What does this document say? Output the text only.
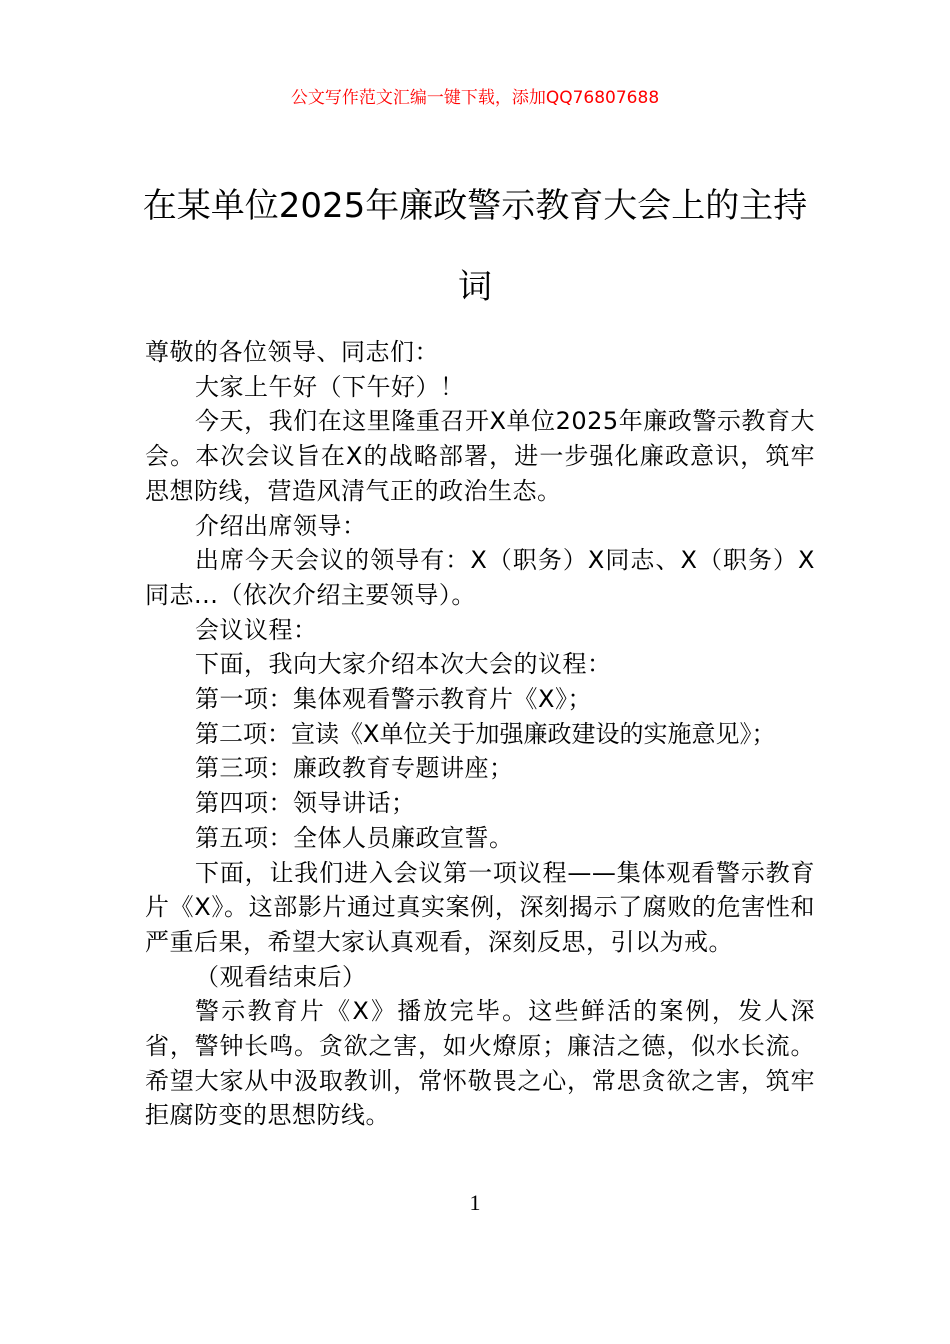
公文写作范文汇编一键下载，添加QQ76807688
在某单位2025年廉政警示教育大会上的主持词

尊敬的各位领导、同志们：

大家上午好（下午好）！

今天，我们在这里隆重召开X单位2025年廉政警示教育大会。本次会议旨在X的战略部署，进一步强化廉政意识，筑牢思想防线，营造风清气正的政治生态。

介绍出席领导：

出席今天会议的领导有：X（职务）X同志、X（职务）X同志...（依次介绍主要领导）。

会议议程：

下面，我向大家介绍本次大会的议程：

第一项：集体观看警示教育片《X》；

第二项：宣读《X单位关于加强廉政建设的实施意见》；

第三项：廉政教育专题讲座；

第四项：领导讲话；

第五项：全体人员廉政宣誓。

下面，让我们进入会议第一项议程——集体观看警示教育片《X》。这部影片通过真实案例，深刻揭示了腐败的危害性和严重后果，希望大家认真观看，深刻反思，引以为戒。

（观看结束后）

警示教育片《X》播放完毕。这些鲜活的案例，发人深省，警钟长鸣。贪欲之害，如火燎原；廉洁之德，似水长流。希望大家从中汲取教训，常怀敬畏之心，常思贪欲之害，筑牢拒腐防变的思想防线。

1
